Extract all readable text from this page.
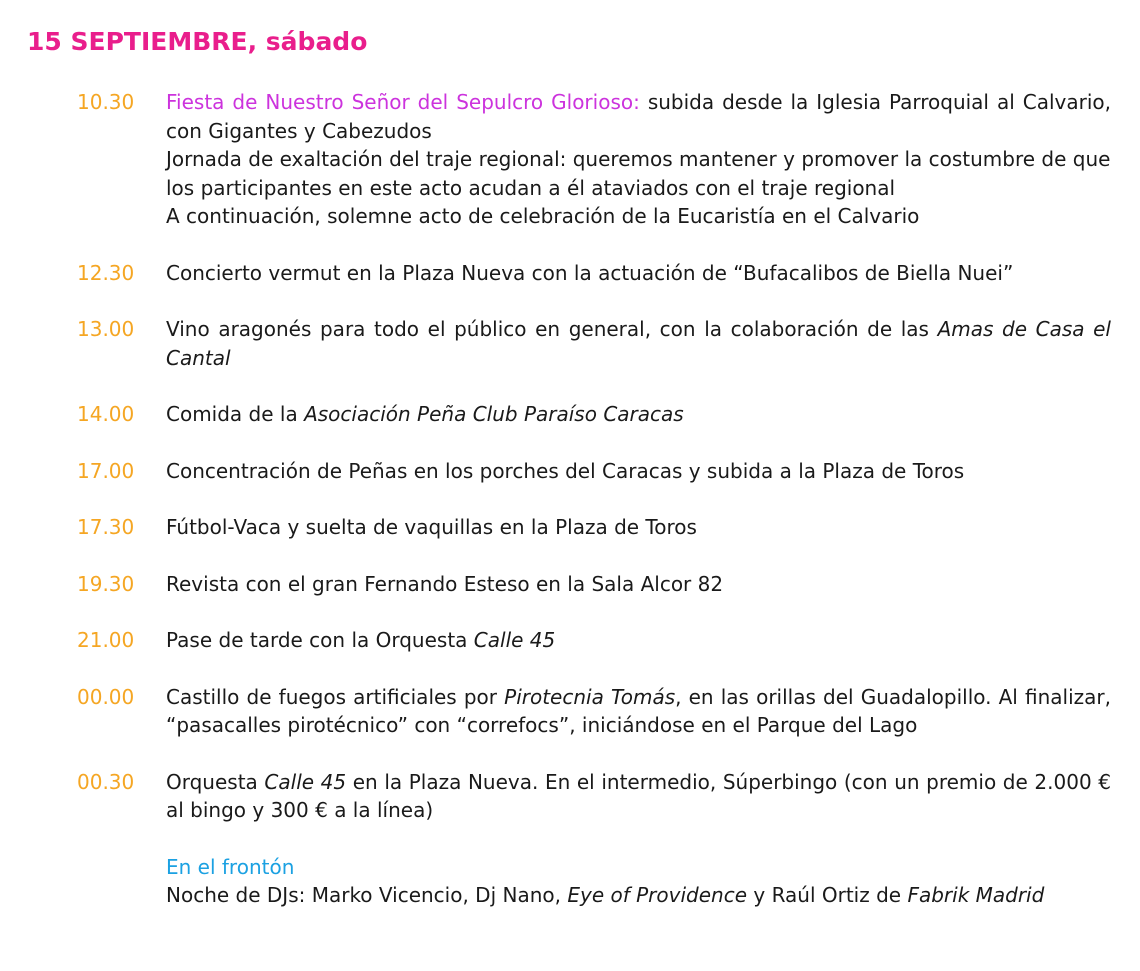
15 SEPTIEMBRE, sábado
10.30 Fiesta de Nuestro Señor del Sepulcro Glorioso: subida desde la Iglesia Parroquial al Calvario, con Gigantes y Cabezudos
Jornada de exaltación del traje regional: queremos mantener y promover la costumbre de que los participantes en este acto acudan a él ataviados con el traje regional
A continuación, solemne acto de celebración de la Eucaristía en el Calvario
12.30 Concierto vermut en la Plaza Nueva con la actuación de “Bufacalibos de Biella Nuei”
13.00 Vino aragonés para todo el público en general, con la colaboración de las Amas de Casa el Cantal
14.00 Comida de la Asociación Peña Club Paraíso Caracas
17.00 Concentración de Peñas en los porches del Caracas y subida a la Plaza de Toros
17.30 Fútbol-Vaca y suelta de vaquillas en la Plaza de Toros
19.30 Revista con el gran Fernando Esteso en la Sala Alcor 82
21.00 Pase de tarde con la Orquesta Calle 45
00.00 Castillo de fuegos artificiales por Pirotecnia Tomás, en las orillas del Guadalopillo. Al finalizar, “pasacalles pirotécnico” con “correfocs”, iniciándose en el Parque del Lago
00.30 Orquesta Calle 45 en la Plaza Nueva. En el intermedio, Súperbingo (con un premio de 2.000 € al bingo y 300 € a la línea)
En el frontón
Noche de DJs: Marko Vicencio, Dj Nano, Eye of Providence y Raúl Ortiz de Fabrik Madrid
